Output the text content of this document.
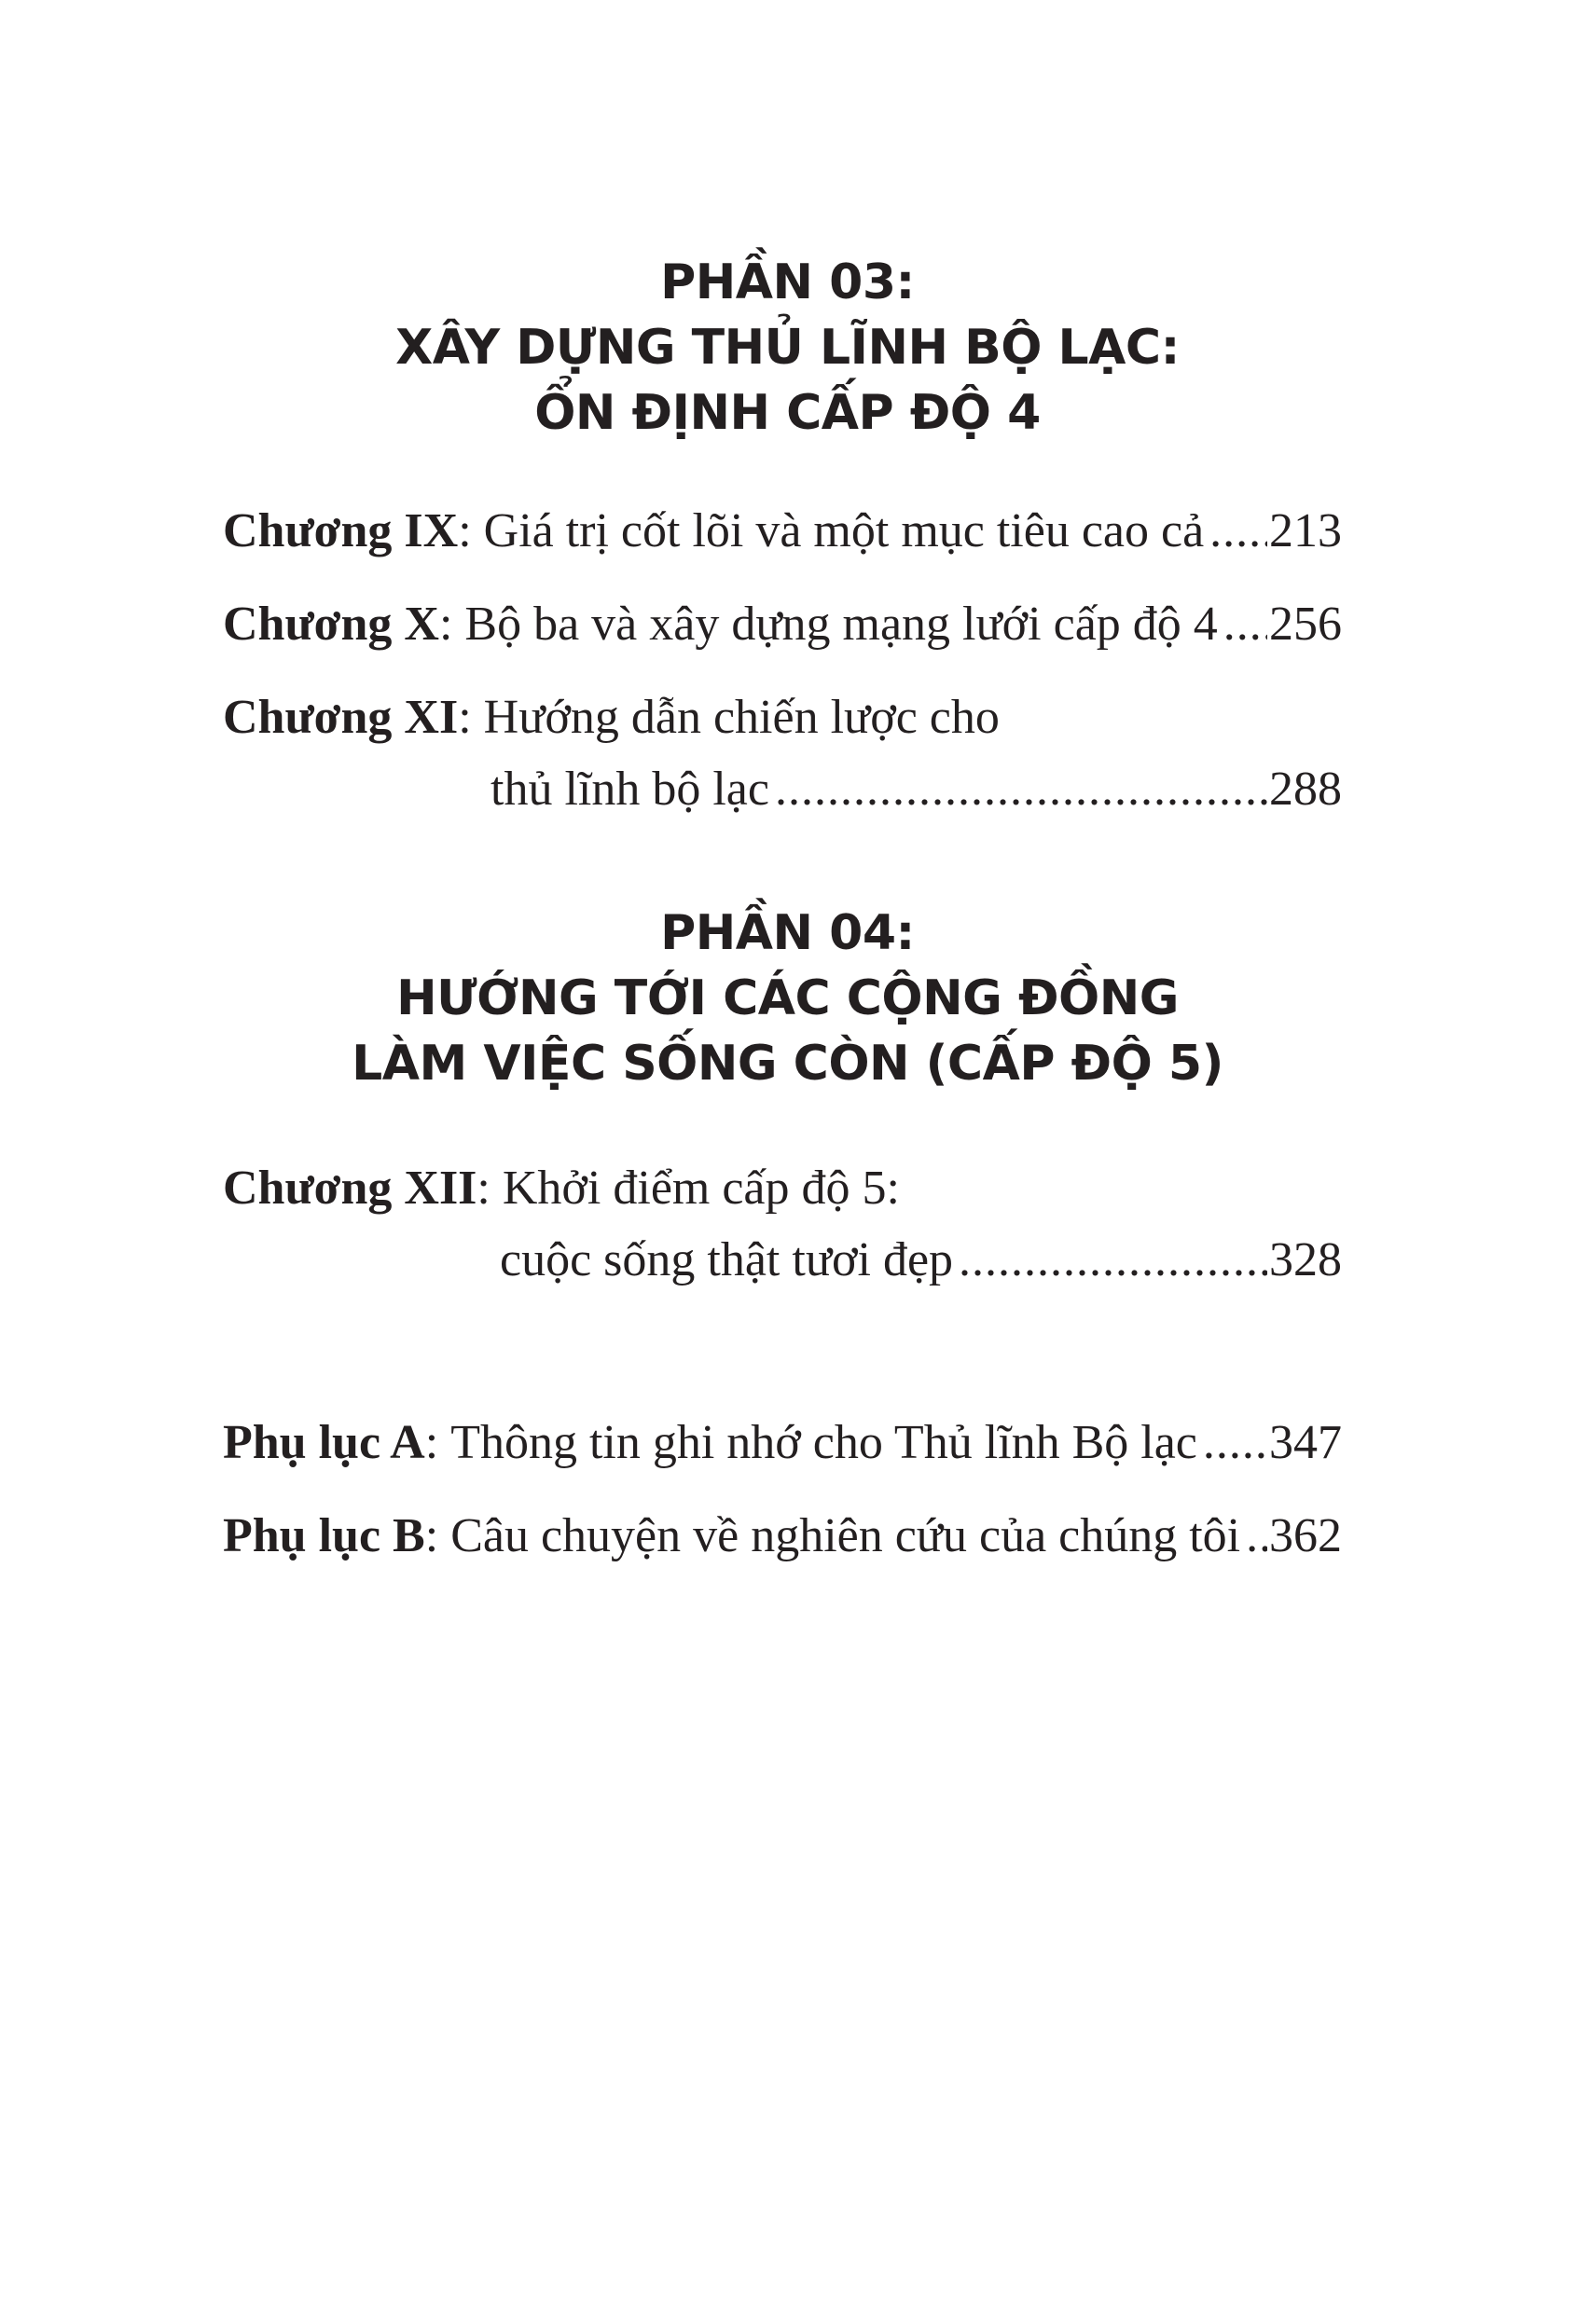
PHẦN 03:
XÂY DỰNG THỦ LĨNH BỘ LẠC:
ỔN ĐỊNH CẤP ĐỘ 4
Chương IX : Giá trị cốt lõi và một mục tiêu cao cả ..... 213
Chương X : Bộ ba và xây dựng mạng lưới cấp độ 4 ..... 256
Chương XI : Hướng dẫn chiến lược cho
thủ lĩnh bộ lạc .....	288
PHẦN 04:
HƯỚNG TỚI CÁC CỘNG ĐỒNG
LÀM VIỆC SỐNG CÒN (CẤP ĐỘ 5)
Chương XII : Khởi điểm cấp độ 5:
cuộc sống thật tươi đẹp .....	328
Phụ lục A : Thông tin ghi nhớ cho Thủ lĩnh Bộ lạc ..... 347
Phụ lục B : Câu chuyện về nghiên cứu của chúng tôi ..... 362
